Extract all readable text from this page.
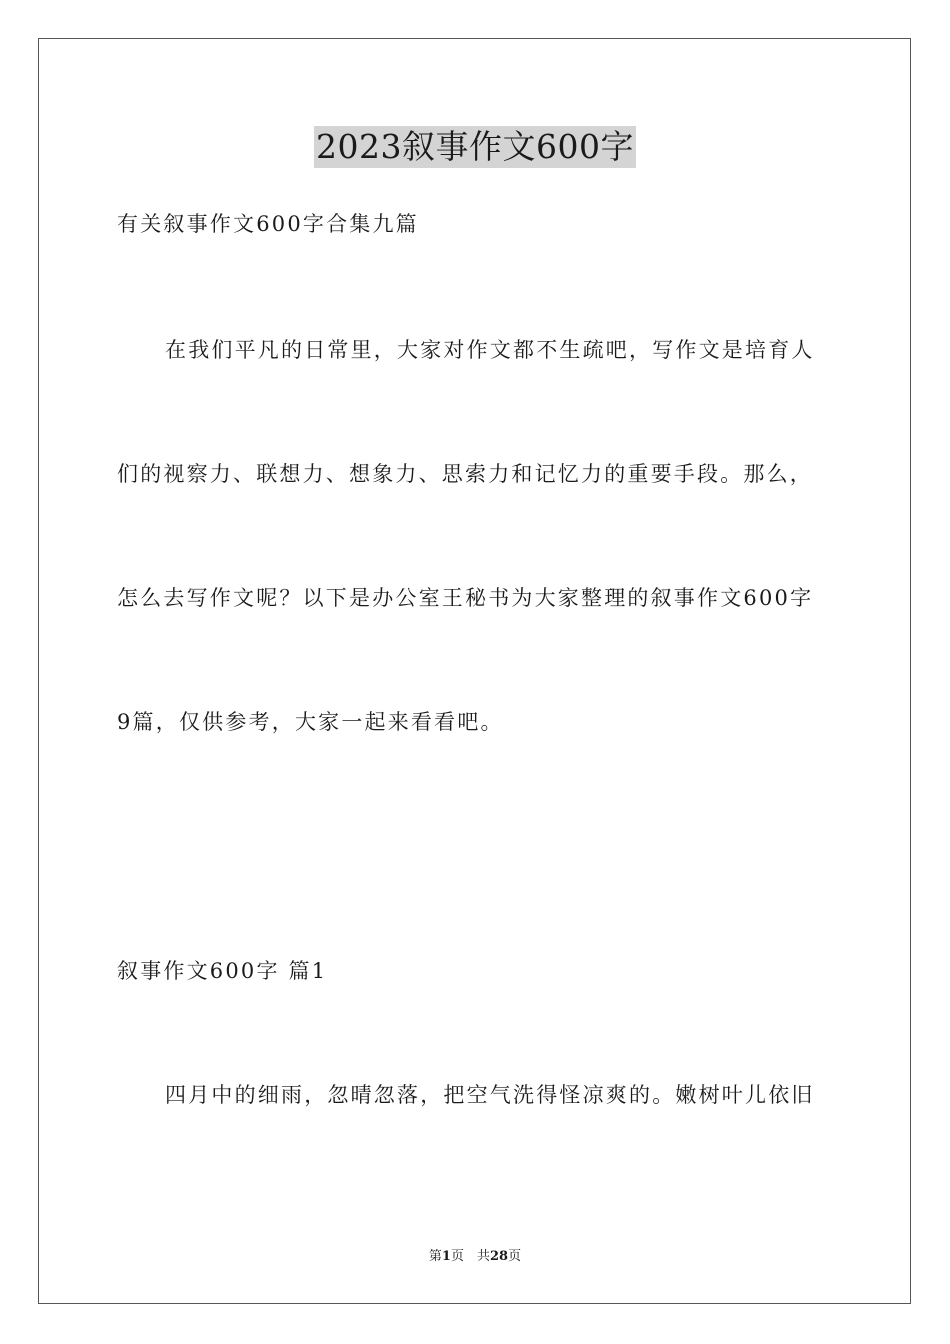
2023叙事作文600字
有关叙事作文600字合集九篇
在我们平凡的日常里，大家对作文都不生疏吧，写作文是培育人
们的视察力、联想力、想象力、思索力和记忆力的重要手段。那么，
怎么去写作文呢？以下是办公室王秘书为大家整理的叙事作文600字
9篇，仅供参考，大家一起来看看吧。
叙事作文600字 篇1
四月中的细雨，忽晴忽落，把空气洗得怪凉爽的。嫩树叶儿依旧
第1页　共28页
